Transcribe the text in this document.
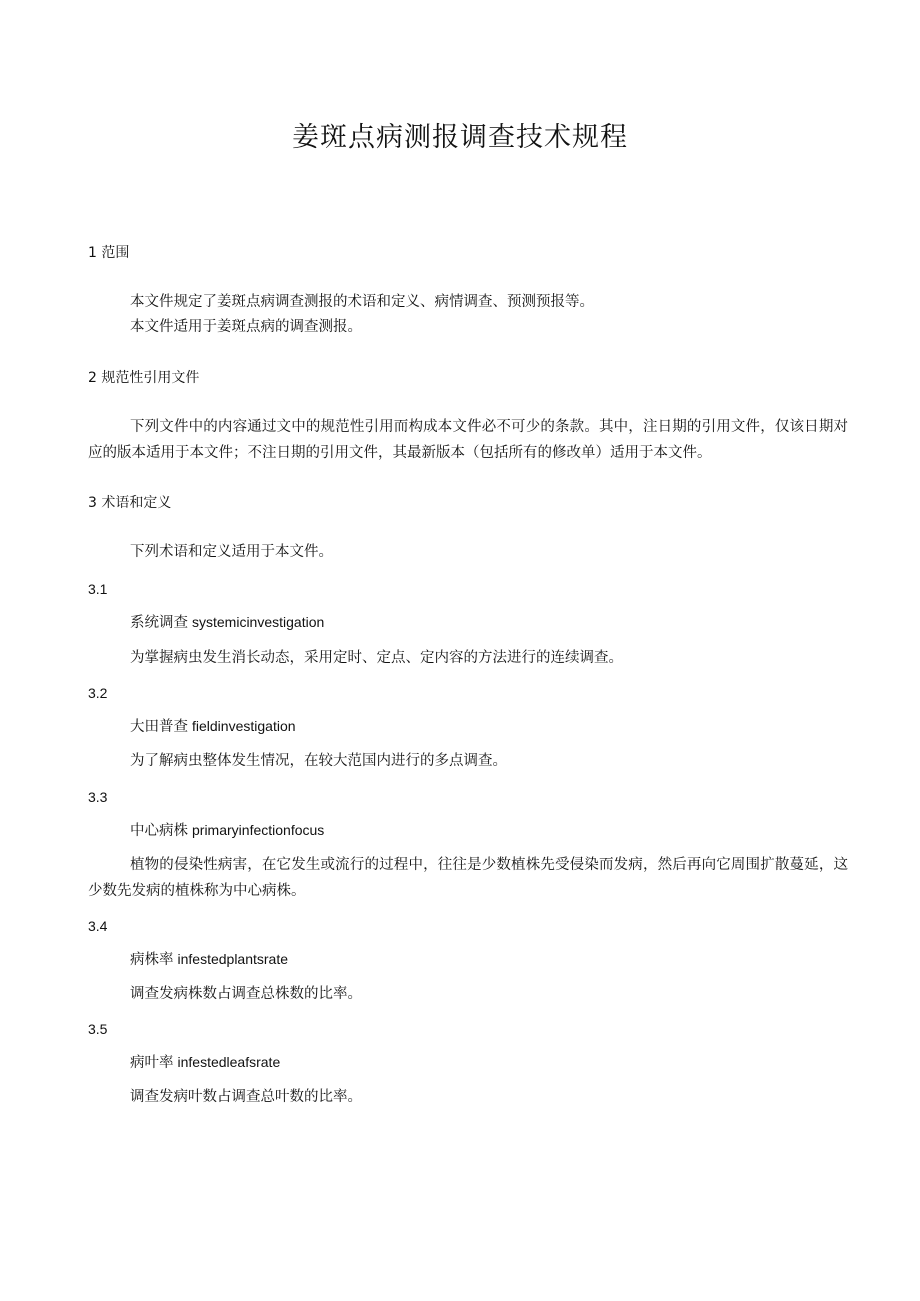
姜斑点病测报调查技术规程
1 范围
本文件规定了姜斑点病调查测报的术语和定义、病情调查、预测预报等。
本文件适用于姜斑点病的调查测报。
2 规范性引用文件
下列文件中的内容通过文中的规范性引用而构成本文件必不可少的条款。其中，注日期的引用文件，仅该日期对应的版本适用于本文件；不注日期的引用文件，其最新版本（包括所有的修改单）适用于本文件。
3 术语和定义
下列术语和定义适用于本文件。
3.1
系统调查 systemicinvestigation
为掌握病虫发生消长动态，采用定时、定点、定内容的方法进行的连续调查。
3.2
大田普查 fieldinvestigation
为了解病虫整体发生情况，在较大范国内进行的多点调查。
3.3
中心病株 primaryinfectionfocus
植物的侵染性病害，在它发生或流行的过程中，往往是少数植株先受侵染而发病，然后再向它周围扩散蔓延，这少数先发病的植株称为中心病株。
3.4
病株率 infestedplantsrate
调查发病株数占调查总株数的比率。
3.5
病叶率 infestedleafsrate
调查发病叶数占调查总叶数的比率。
